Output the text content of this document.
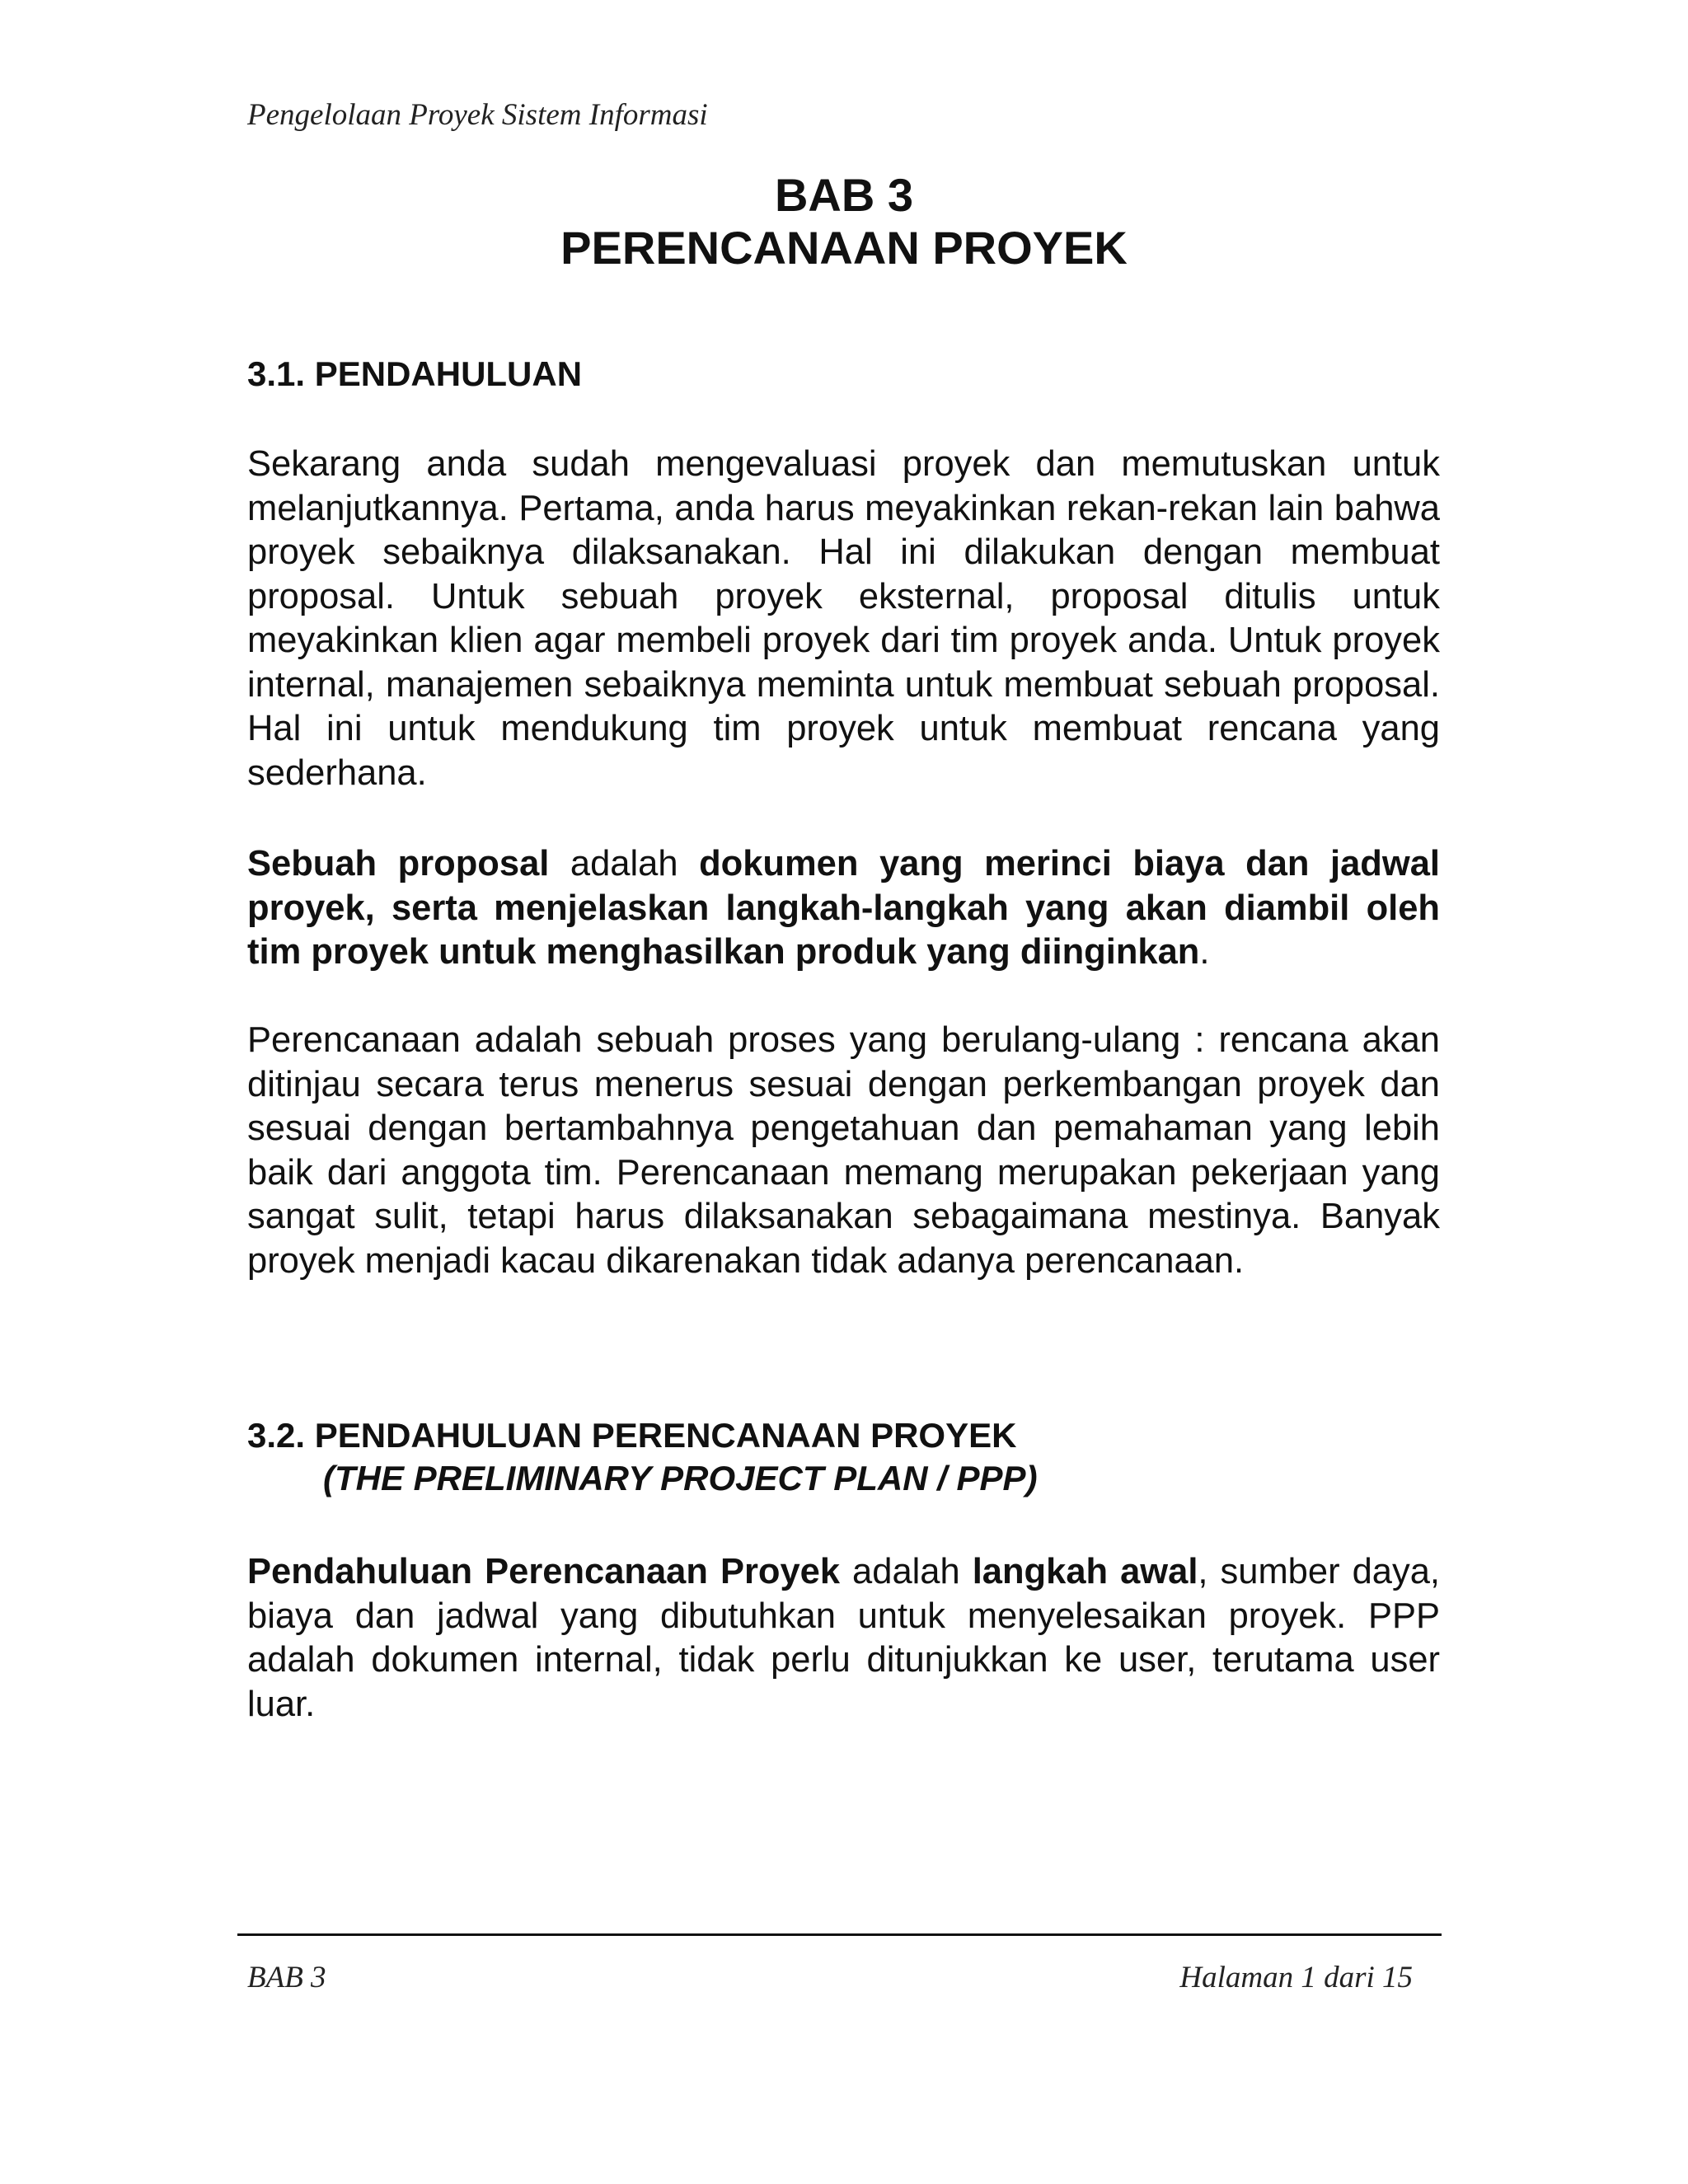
Pengelolaan Proyek Sistem Informasi
BAB 3
PERENCANAAN PROYEK
3.1. PENDAHULUAN

Sekarang anda sudah mengevaluasi proyek dan memutuskan untuk melanjutkannya. Pertama, anda harus meyakinkan rekan-rekan lain bahwa proyek sebaiknya dilaksanakan. Hal ini dilakukan dengan membuat proposal. Untuk sebuah proyek eksternal, proposal ditulis untuk meyakinkan klien agar membeli proyek dari tim proyek anda. Untuk proyek internal, manajemen sebaiknya meminta untuk membuat sebuah proposal. Hal ini untuk mendukung tim proyek untuk membuat rencana yang sederhana.

Sebuah proposal adalah dokumen yang merinci biaya dan jadwal proyek, serta menjelaskan langkah-langkah yang akan diambil oleh tim proyek untuk menghasilkan produk yang diinginkan.

Perencanaan adalah sebuah proses yang berulang-ulang : rencana akan ditinjau secara terus menerus sesuai dengan perkembangan proyek dan sesuai dengan bertambahnya pengetahuan dan pemahaman yang lebih baik dari anggota tim. Perencanaan memang merupakan pekerjaan yang sangat sulit, tetapi harus dilaksanakan sebagaimana mestinya. Banyak proyek menjadi kacau dikarenakan tidak adanya perencanaan.

3.2. PENDAHULUAN PERENCANAAN PROYEK
(THE PRELIMINARY PROJECT PLAN / PPP)

Pendahuluan Perencanaan Proyek adalah langkah awal, sumber daya, biaya dan jadwal yang dibutuhkan untuk menyelesaikan proyek. PPP adalah dokumen internal, tidak perlu ditunjukkan ke user, terutama user luar.

BAB 3	Halaman 1 dari 15
